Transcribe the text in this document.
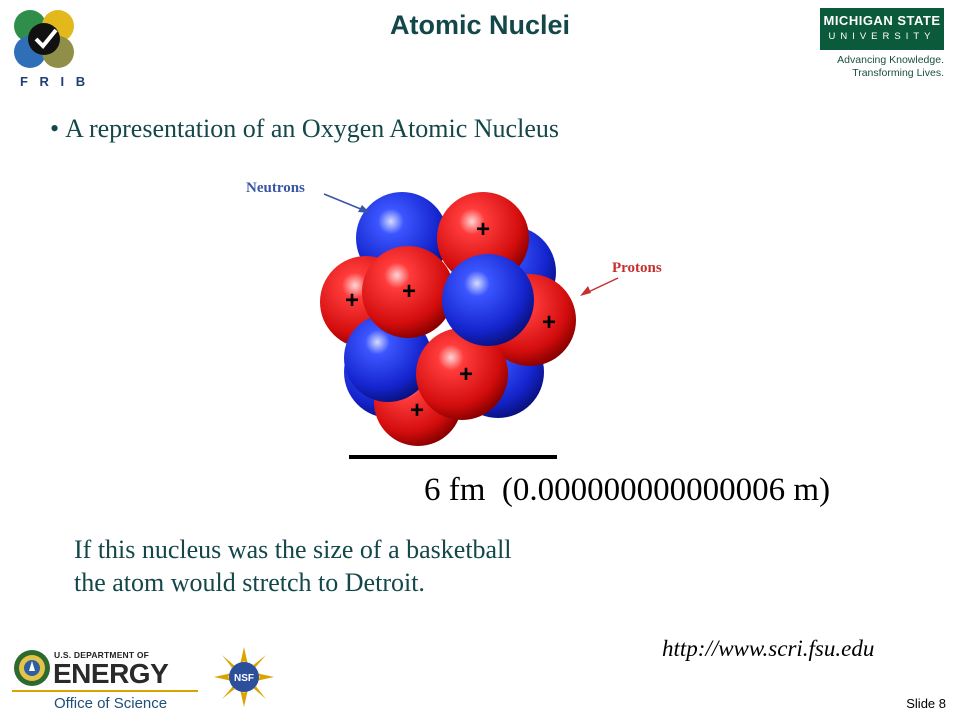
F R I B
Atomic Nuclei	MICHIGAN STATE
UNIVERSITY
Advancing Knowledge.
Transforming Lives.
• A representation of an Oxygen Atomic Nucleus
+
+ +
+
+
+
Neutrons
Protons
6 fm  (0.000000000000006 m)
If this nucleus was the size of a basketball
the atom would stretch to Detroit.
http://www.scri.fsu.edu
U.S. DEPARTMENT OF
ENERGY
Office of Science
NSF
Slide 8
